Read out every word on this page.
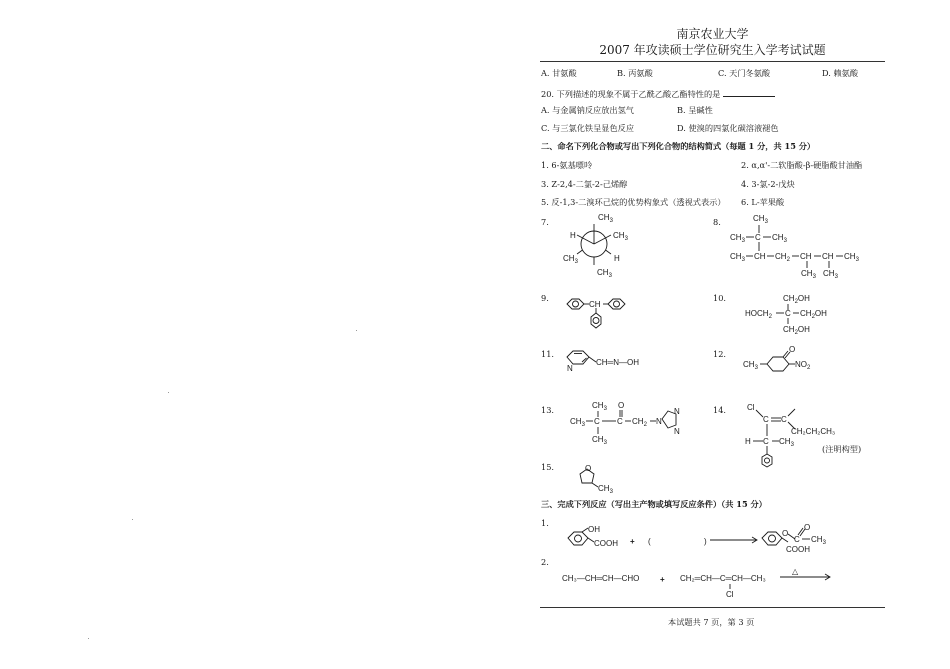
南京农业大学
2007 年攻读硕士学位研究生入学考试试题
A. 甘氨酸	B. 丙氨酸	C. 天门冬氨酸	D. 赖氨酸
20. 下列描述的现象不属于乙酰乙酸乙酯特性的是
A. 与金属钠反应放出氢气	B. 呈碱性
C. 与三氯化铁呈显色反应	D. 使溴的四氯化碳溶液褪色
二、命名下列化合物或写出下列化合物的结构简式（每题 1 分，共 15 分）
1. 6-氨基嘌呤	2. α,α'-二软脂酸-β-硬脂酸甘油酯
3. Z-2,4-二氯-2-己烯醇	4. 3-氯-2-戊炔
5. 反-1,3-二溴环己烷的优势构象式（透视式表示） 6. L-苹果酸
7.	8.
9.	10.
11.	12.
13.	14.
15.
$CH_3$
H	$CH_3$
$CH_3$	H
$CH_3$
$CH_3$
$CH_3$ C $CH_3$
$CH_3$ CH $CH_2$ CH CH $CH_3$
$CH_3$ $CH_3$
CH
$CH_2OH$
$HOCH_2$ C $CH_2OH$
$CH_2OH$
N
CH═N—OH	$CH_3$
O
$NO_2$
$CH_3$ O
$CH_3$ C C $CH_2$ N
N
N
$CH_3$
Cl
C C
CH₂CH₂CH₃
H C $CH_3$	(注明构型)
O
$CH_3$
三、完成下列反应（写出主产物或填写反应条件）（共 15 分）
1.
2.
OH
COOH + (	)
O
C
O
$CH_3$
COOH
CH₃—CH═CH—CHO	+ CH₂═CH—C═CH—CH₃
Cl
△
本试题共 7 页，第 3 页
